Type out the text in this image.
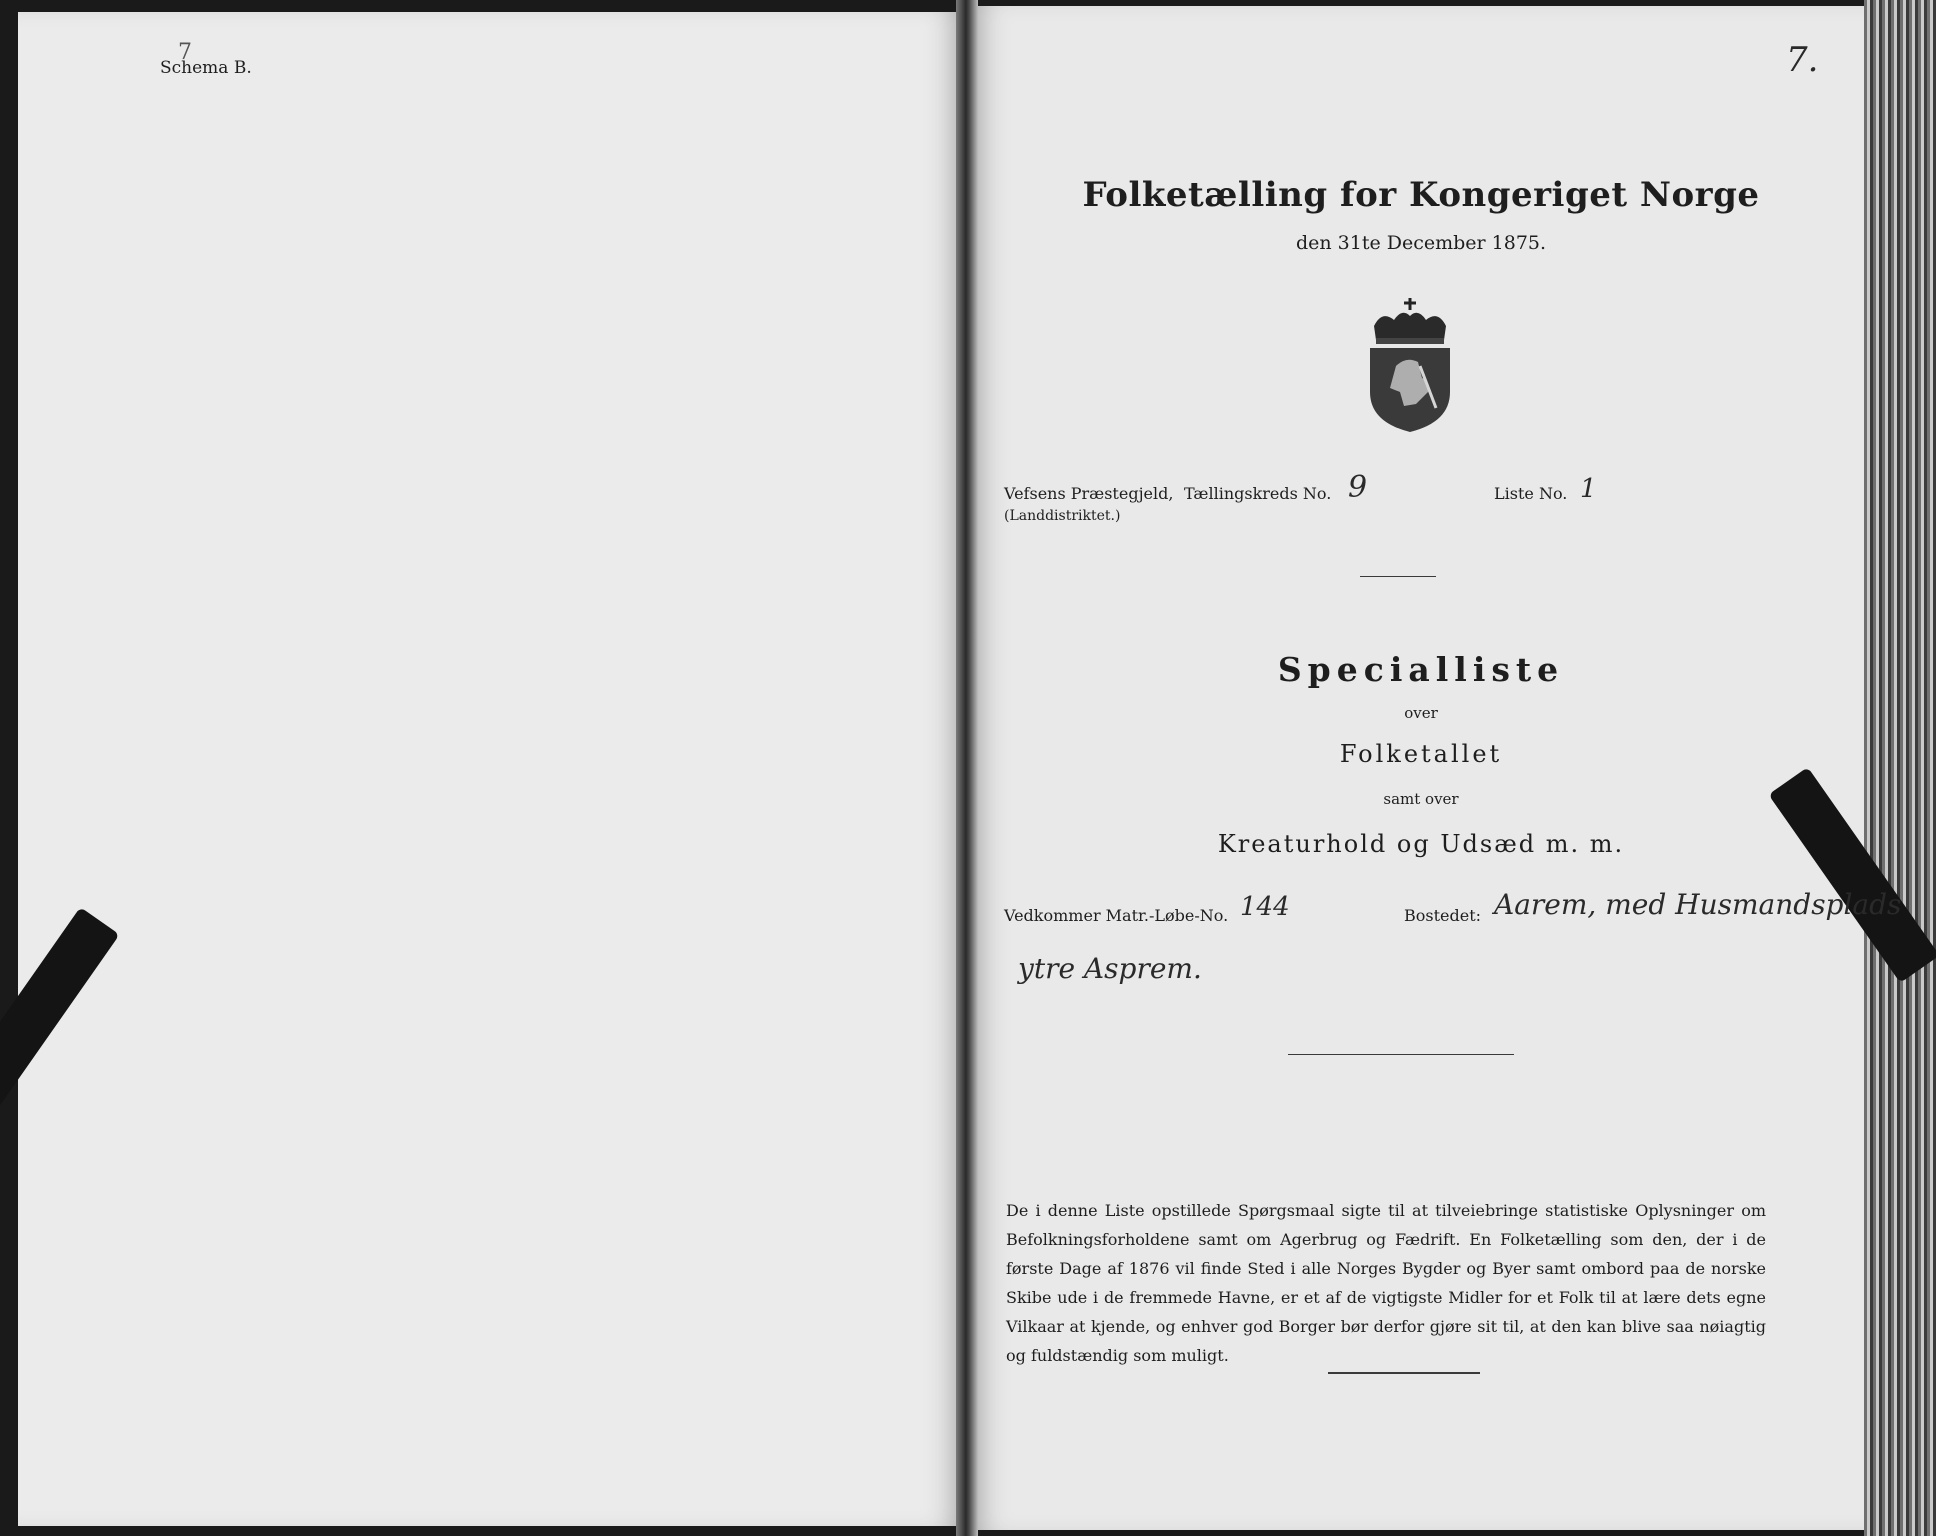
7
Schema B.	7.
Folketælling for Kongeriget Norge
den 31te December 1875.
Vefsens Præstegjeld,
(Landdistriktet.)
Tællingskreds No. 9	Liste No. 1
Specialliste
over
Folketallet
samt over
Kreaturhold og Udsæd m. m.
Vedkommer Matr.-Løbe-No. 144	Bostedet: Aarem, med Husmandsplads
ytre Asprem.
De i denne Liste opstillede Spørgsmaal sigte til at tilveiebringe statistiske Oplysninger om Befolkningsforholdene samt om Agerbrug og Fædrift. En Folketælling som den, der i de første Dage af 1876 vil finde Sted i alle Norges Bygder og Byer samt ombord paa de norske Skibe ude i de fremmede Havne, er et af de vigtigste Midler for et Folk til at lære dets egne Vilkaar at kjende, og enhver god Borger bør derfor gjøre sit til, at den kan blive saa nøiagtig og fuldstændig som muligt.
